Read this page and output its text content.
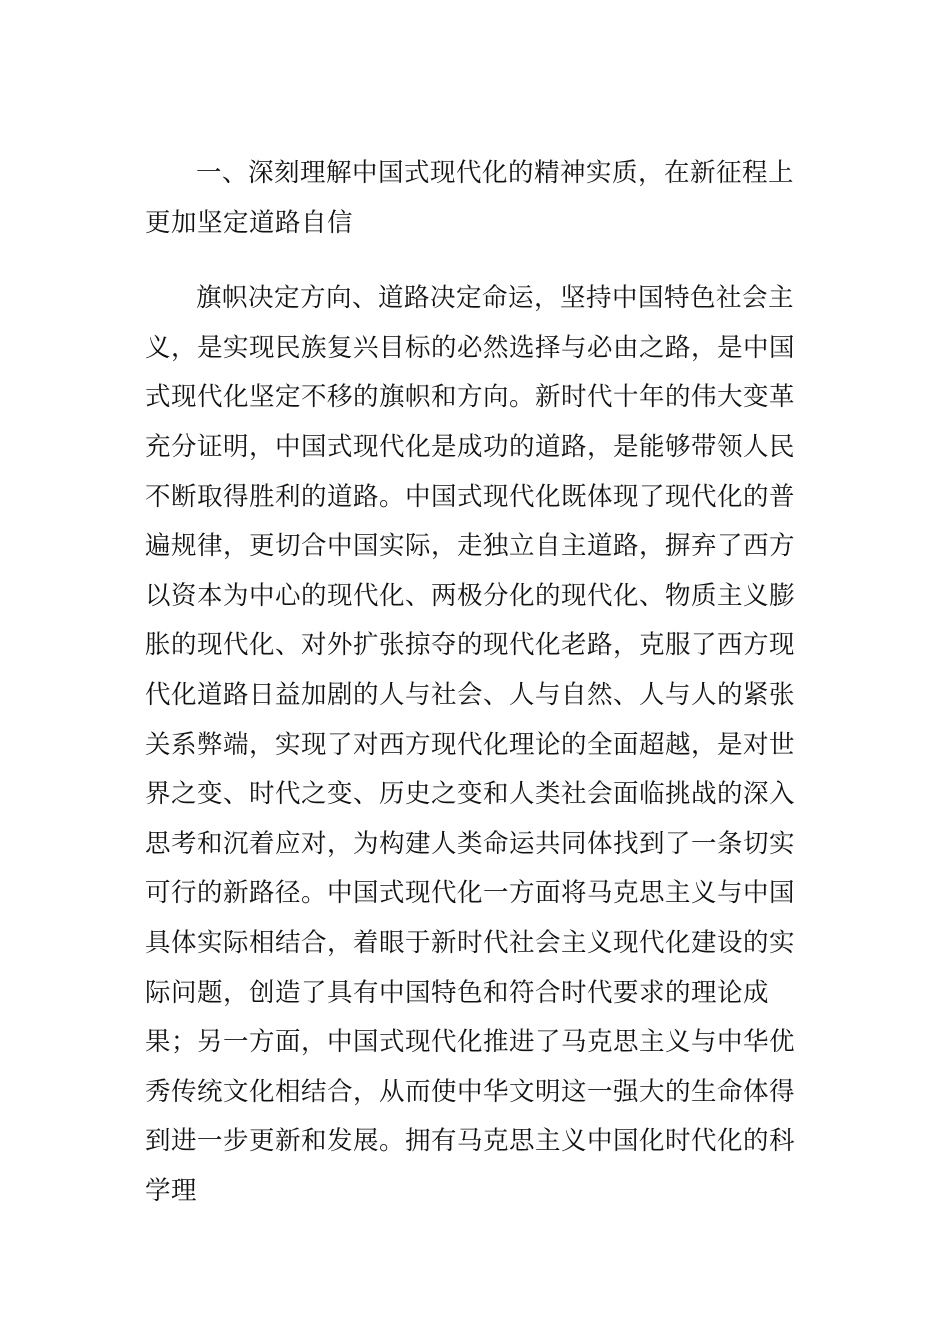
一、深刻理解中国式现代化的精神实质，在新征程上更加坚定道路自信

旗帜决定方向、道路决定命运，坚持中国特色社会主义，是实现民族复兴目标的必然选择与必由之路，是中国式现代化坚定不移的旗帜和方向。新时代十年的伟大变革充分证明，中国式现代化是成功的道路，是能够带领人民不断取得胜利的道路。中国式现代化既体现了现代化的普遍规律，更切合中国实际，走独立自主道路，摒弃了西方以资本为中心的现代化、两极分化的现代化、物质主义膨胀的现代化、对外扩张掠夺的现代化老路，克服了西方现代化道路日益加剧的人与社会、人与自然、人与人的紧张关系弊端，实现了对西方现代化理论的全面超越，是对世界之变、时代之变、历史之变和人类社会面临挑战的深入思考和沉着应对，为构建人类命运共同体找到了一条切实可行的新路径。中国式现代化一方面将马克思主义与中国具体实际相结合，着眼于新时代社会主义现代化建设的实际问题，创造了具有中国特色和符合时代要求的理论成果；另一方面，中国式现代化推进了马克思主义与中华优秀传统文化相结合，从而使中华文明这一强大的生命体得到进一步更新和发展。拥有马克思主义中国化时代化的科学理
